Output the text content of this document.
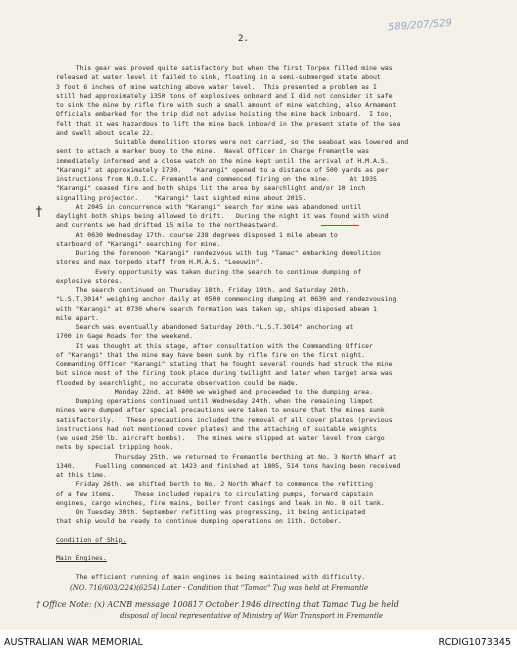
589/207/529
2.
†
This gear was proved quite satisfactory but when the first Torpex filled mine was
released at water level it failed to sink, floating in a semi-submerged state about
3 foot 6 inches of mine watching above water level.  This presented a problem as I
still had approximately 1350 tons of explosives onboard and I did not consider it safe
to sink the mine by rifle fire with such a small amount of mine watching, also Armament
Officials embarked for the trip did not advise hoisting the mine back inboard.  I too,
felt that it was hazardous to lift the mine back inboard in the present state of the sea
and swell about scale 22.
Suitable demolition stores were not carried, so the seaboat was lowered and
sent to attach a marker buoy to the mine.  Naval Officer in Charge Fremantle was
immediately informed and a close watch on the mine kept until the arrival of H.M.A.S.
"Karangi" at approximately 1730.   "Karangi" opened to a distance of 500 yards as per
instructions from N.O.I.C. Fremantle and commenced firing on the mine.     At 1935
"Karangi" ceased fire and both ships lit the area by searchlight and/or 10 inch
signalling projector.    "Karangi" last sighted mine about 2015.
At 2045 in concurrence with "Karangi" search for mine was abandoned until
daylight both ships being allowed to drift.   During the night it was found with wind
and currents we had drifted 15 mile to the northeastward.
At 0630 Wednesday 17th. course 238 degrees disposed 1 mile abeam to
starboard of "Karangi" searching for mine.
During the forenoon "Karangi" rendezvous with tug "Tamac" embarking demolition
stores and max torpedo staff from H.M.A.S. "Leeuwin".
Every opportunity was taken during the search to continue dumping of
explosive stores.
The search continued on Thursday 18th. Friday 19th. and Saturday 20th.
"L.S.T.3014" weighing anchor daily at 0500 commencing dumping at 0630 and rendezvousing
with "Karangi" at 0730 where search formation was taken up, ships disposed abeam 1
mile apart.
Search was eventually abandoned Saturday 20th."L.S.T.3014" anchoring at
1700 in Gage Roads for the weekend.
It was thought at this stage, after consultation with the Commanding Officer
of "Karangi" that the mine may have been sunk by rifle fire on the first night.
Commanding Officer "Karangi" stating that he fought several rounds had struck the mine
but since most of the firing took place during twilight and later when target area was
flooded by searchlight, no accurate observation could be made.
Monday 22nd. at 0400 we weighed and proceeded to the dumping area.
Dumping operations continued until Wednesday 24th. when the remaining limpet
mines were dumped after special precautions were taken to ensure that the mines sunk
satisfactorily.   These precautions included the removal of all cover plates (previous
instructions had not mentioned cover plates) and the attaching of suitable weights
(we used 250 lb. aircraft bombs).   The mines were slipped at water level from cargo
nets by special tripping hook.
Thursday 25th. we returned to Fremantle berthing at No. 3 North Wharf at
1340.     Fuelling commenced at 1423 and finished at 1805, 514 tons having been received
at this time.
Friday 26th. we shifted berth to No. 2 North Wharf to commence the refitting
of a few items.     These included repairs to circulating pumps, forward capstain
engines, cargo winches, fire mains, boiler front casings and leak in No. 8 oil tank.
On Tuesday 30th. September refitting was progressing, it being anticipated
that ship would be ready to continue dumping operations on 11th. October.
Condition of Ship.
Main Engines.
The efficient running of main engines is being maintained with difficulty.
(NO. 716/603/224)(6254) Later - Condition that "Tamac" Tug was held at Fremantle
† Office Note: (x) ACNB message 100817 October 1946 directing that Tamac Tug be held
disposal of local representative of Ministry of War Transport in Fremantle
AUSTRALIAN WAR MEMORIAL	RCDIG1073345
